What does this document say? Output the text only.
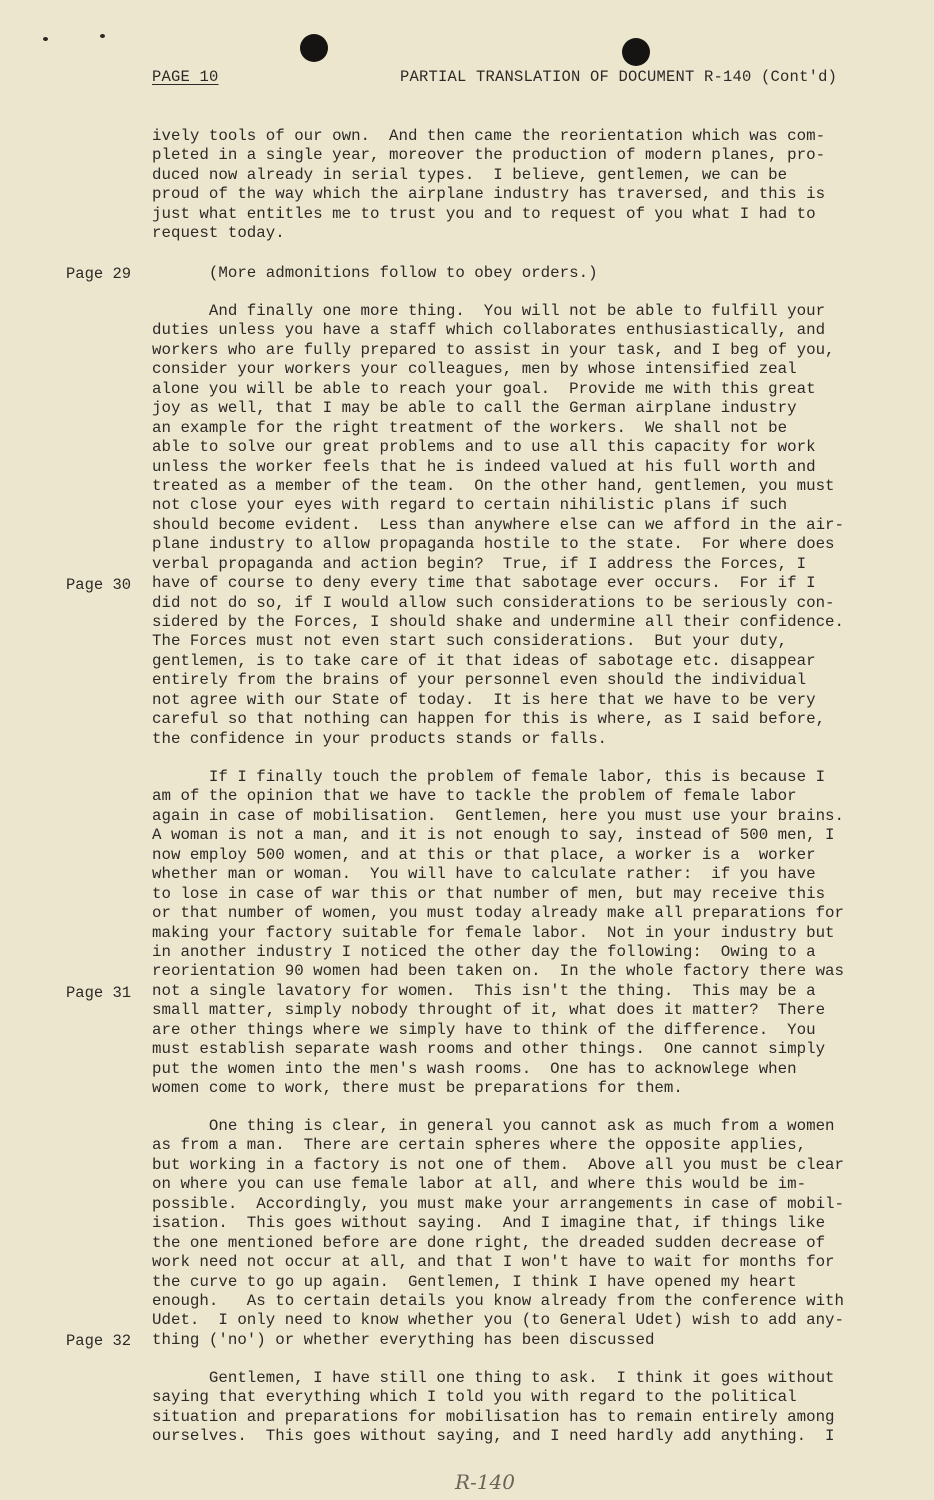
PAGE 10	PARTIAL TRANSLATION OF DOCUMENT R-140 (Cont'd)
ively tools of our own.  And then came the reorientation which was com-
pleted in a single year, moreover the production of modern planes, pro-
duced now already in serial types.  I believe, gentlemen, we can be
proud of the way which the airplane industry has traversed, and this is
just what entitles me to trust you and to request of you what I had to
request today.
(More admonitions follow to obey orders.)
And finally one more thing.  You will not be able to fulfill your
duties unless you have a staff which collaborates enthusiastically, and
workers who are fully prepared to assist in your task, and I beg of you,
consider your workers your colleagues, men by whose intensified zeal
alone you will be able to reach your goal.  Provide me with this great
joy as well, that I may be able to call the German airplane industry
an example for the right treatment of the workers.  We shall not be
able to solve our great problems and to use all this capacity for work
unless the worker feels that he is indeed valued at his full worth and
treated as a member of the team.  On the other hand, gentlemen, you must
not close your eyes with regard to certain nihilistic plans if such
should become evident.  Less than anywhere else can we afford in the air-
plane industry to allow propaganda hostile to the state.  For where does
verbal propaganda and action begin?  True, if I address the Forces, I
have of course to deny every time that sabotage ever occurs.  For if I
did not do so, if I would allow such considerations to be seriously con-
sidered by the Forces, I should shake and undermine all their confidence.
The Forces must not even start such considerations.  But your duty,
gentlemen, is to take care of it that ideas of sabotage etc. disappear
entirely from the brains of your personnel even should the individual
not agree with our State of today.  It is here that we have to be very
careful so that nothing can happen for this is where, as I said before,
the confidence in your products stands or falls.
If I finally touch the problem of female labor, this is because I
am of the opinion that we have to tackle the problem of female labor
again in case of mobilisation.  Gentlemen, here you must use your brains.
A woman is not a man, and it is not enough to say, instead of 500 men, I
now employ 500 women, and at this or that place, a worker is a  worker
whether man or woman.  You will have to calculate rather:  if you have
to lose in case of war this or that number of men, but may receive this
or that number of women, you must today already make all preparations for
making your factory suitable for female labor.  Not in your industry but
in another industry I noticed the other day the following:  Owing to a
reorientation 90 women had been taken on.  In the whole factory there was
not a single lavatory for women.  This isn't the thing.  This may be a
small matter, simply nobody throught of it, what does it matter?  There
are other things where we simply have to think of the difference.  You
must establish separate wash rooms and other things.  One cannot simply
put the women into the men's wash rooms.  One has to acknowlege when
women come to work, there must be preparations for them.
One thing is clear, in general you cannot ask as much from a women
as from a man.  There are certain spheres where the opposite applies,
but working in a factory is not one of them.  Above all you must be clear
on where you can use female labor at all, and where this would be im-
possible.  Accordingly, you must make your arrangements in case of mobil-
isation.  This goes without saying.  And I imagine that, if things like
the one mentioned before are done right, the dreaded sudden decrease of
work need not occur at all, and that I won't have to wait for months for
the curve to go up again.  Gentlemen, I think I have opened my heart
enough.   As to certain details you know already from the conference with
Udet.  I only need to know whether you (to General Udet) wish to add any-
thing ('no') or whether everything has been discussed
Gentlemen, I have still one thing to ask.  I think it goes without
saying that everything which I told you with regard to the political
situation and preparations for mobilisation has to remain entirely among
ourselves.  This goes without saying, and I need hardly add anything.  I
Page 29
Page 30
Page 31
Page 32
R-140
